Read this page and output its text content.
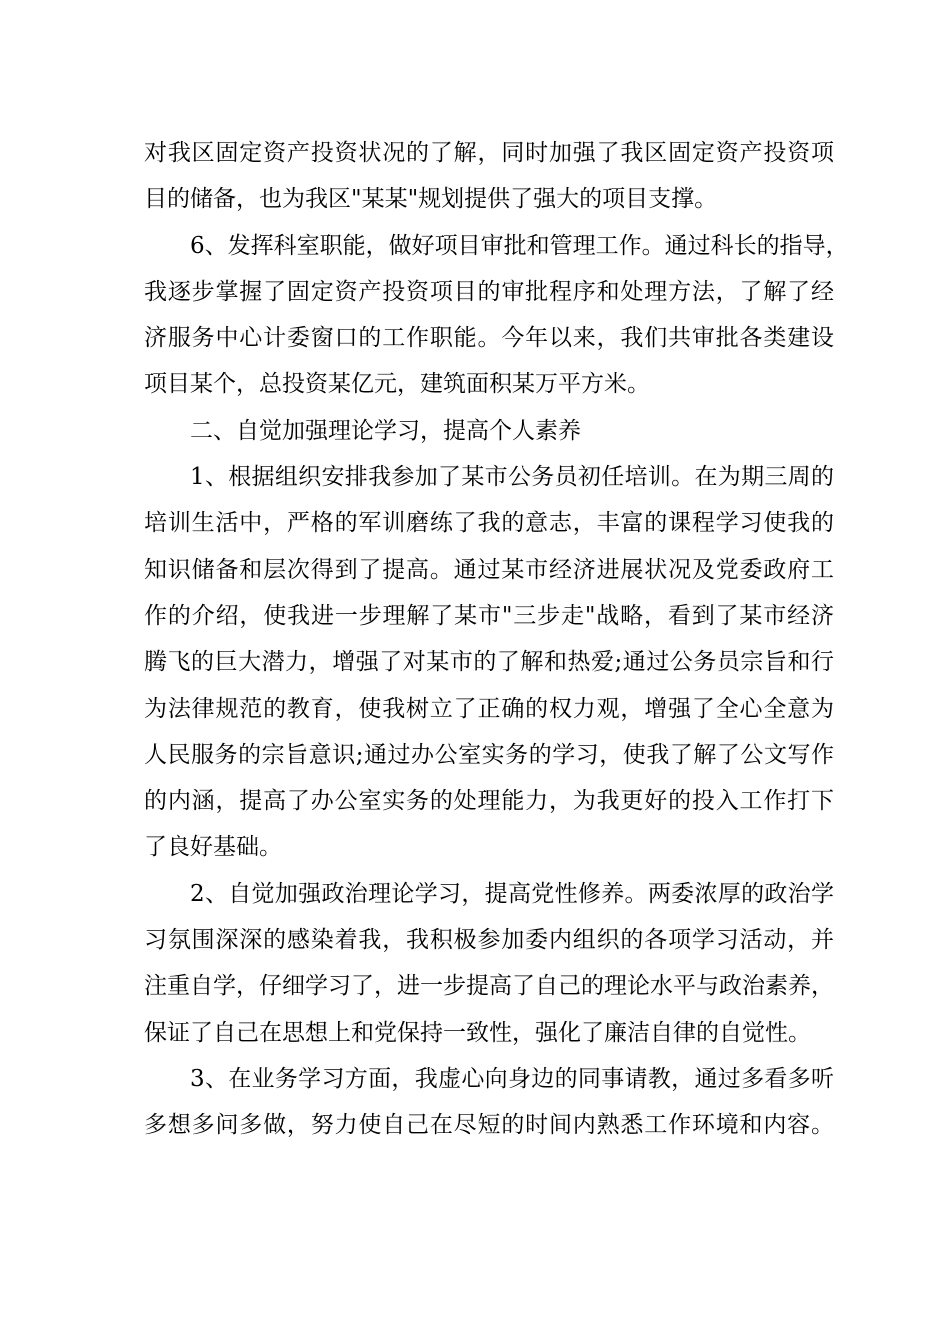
对我区固定资产投资状况的了解，同时加强了我区固定资产投资项

目的储备，也为我区"某某"规划提供了强大的项目支撑。

6、发挥科室职能，做好项目审批和管理工作。通过科长的指导，

我逐步掌握了固定资产投资项目的审批程序和处理方法，了解了经

济服务中心计委窗口的工作职能。今年以来，我们共审批各类建设

项目某个，总投资某亿元，建筑面积某万平方米。

二、自觉加强理论学习，提高个人素养

1、根据组织安排我参加了某市公务员初任培训。在为期三周的

培训生活中，严格的军训磨练了我的意志，丰富的课程学习使我的

知识储备和层次得到了提高。通过某市经济进展状况及党委政府工

作的介绍，使我进一步理解了某市"三步走"战略，看到了某市经济

腾飞的巨大潜力，增强了对某市的了解和热爱;通过公务员宗旨和行

为法律规范的教育，使我树立了正确的权力观，增强了全心全意为

人民服务的宗旨意识;通过办公室实务的学习，使我了解了公文写作

的内涵，提高了办公室实务的处理能力，为我更好的投入工作打下

了良好基础。

2、自觉加强政治理论学习，提高党性修养。两委浓厚的政治学

习氛围深深的感染着我，我积极参加委内组织的各项学习活动，并

注重自学，仔细学习了，进一步提高了自己的理论水平与政治素养，

保证了自己在思想上和党保持一致性，强化了廉洁自律的自觉性。

3、在业务学习方面，我虚心向身边的同事请教，通过多看多听

多想多问多做，努力使自己在尽短的时间内熟悉工作环境和内容。
